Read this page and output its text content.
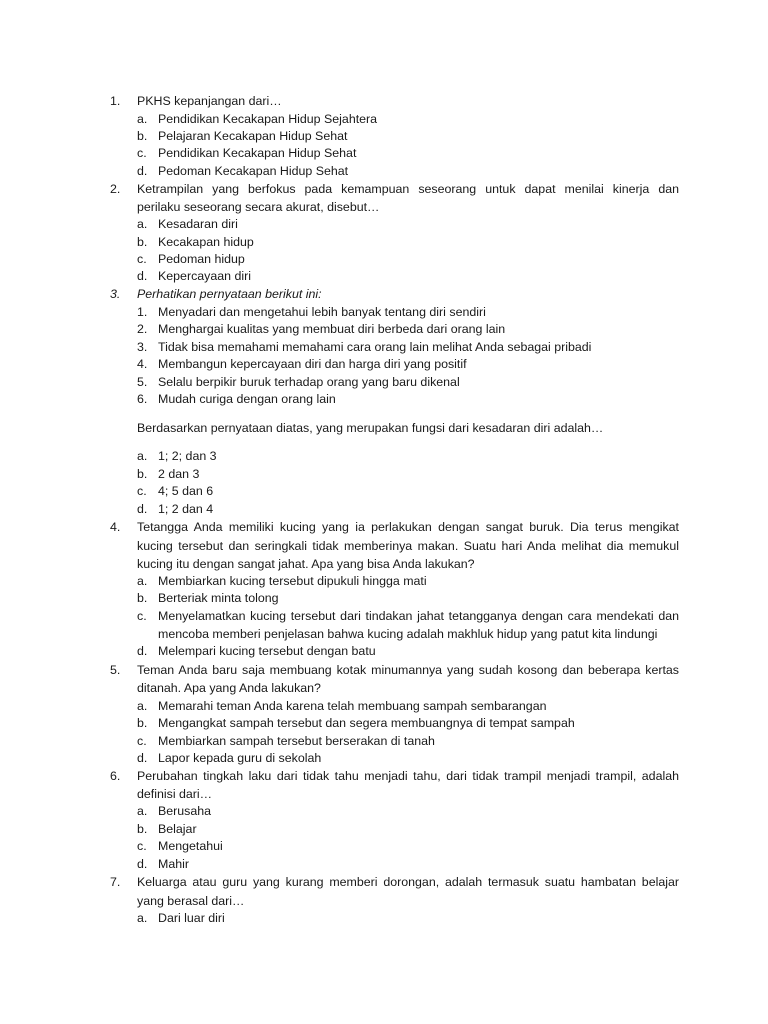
1.	PKHS kepanjangan dari…
a. Pendidikan Kecakapan Hidup Sejahtera
b. Pelajaran Kecakapan Hidup Sehat
c. Pendidikan Kecakapan Hidup Sehat
d. Pedoman Kecakapan Hidup Sehat
2.	Ketrampilan yang berfokus pada kemampuan seseorang untuk dapat menilai kinerja dan
perilaku seseorang secara akurat, disebut…
a. Kesadaran diri
b. Kecakapan hidup
c. Pedoman hidup
d. Kepercayaan diri
3.	Perhatikan pernyataan berikut ini:
1. Menyadari dan mengetahui lebih banyak tentang diri sendiri
2. Menghargai kualitas yang membuat diri berbeda dari orang lain
3. Tidak bisa memahami memahami cara orang lain melihat Anda sebagai pribadi
4. Membangun kepercayaan diri dan harga diri yang positif
5. Selalu berpikir buruk terhadap orang yang baru dikenal
6. Mudah curiga dengan orang lain
Berdasarkan pernyataan diatas, yang merupakan fungsi dari kesadaran diri adalah…
a. 1; 2; dan 3
b. 2 dan 3
c. 4; 5 dan 6
d. 1; 2 dan 4
4.	Tetangga Anda memiliki kucing yang ia perlakukan dengan sangat buruk. Dia terus mengikat
kucing tersebut dan seringkali tidak memberinya makan. Suatu hari Anda melihat dia memukul
kucing itu dengan sangat jahat. Apa yang bisa Anda lakukan?
a. Membiarkan kucing tersebut dipukuli hingga mati
b. Berteriak minta tolong
c. Menyelamatkan kucing tersebut dari tindakan jahat tetangganya dengan cara mendekati dan
mencoba memberi penjelasan bahwa kucing adalah makhluk hidup yang patut kita lindungi
d. Melempari kucing tersebut dengan batu
5.	Teman Anda baru saja membuang kotak minumannya yang sudah kosong dan beberapa kertas
ditanah. Apa yang Anda lakukan?
a. Memarahi teman Anda karena telah membuang sampah sembarangan
b. Mengangkat sampah tersebut dan segera membuangnya di tempat sampah
c. Membiarkan sampah tersebut berserakan di tanah
d. Lapor kepada guru di sekolah
6.	Perubahan tingkah laku dari tidak tahu menjadi tahu, dari tidak trampil menjadi trampil, adalah
definisi dari…
a. Berusaha
b. Belajar
c. Mengetahui
d. Mahir
7.	Keluarga atau guru yang kurang memberi dorongan, adalah termasuk suatu hambatan belajar
yang berasal dari…
a. Dari luar diri
